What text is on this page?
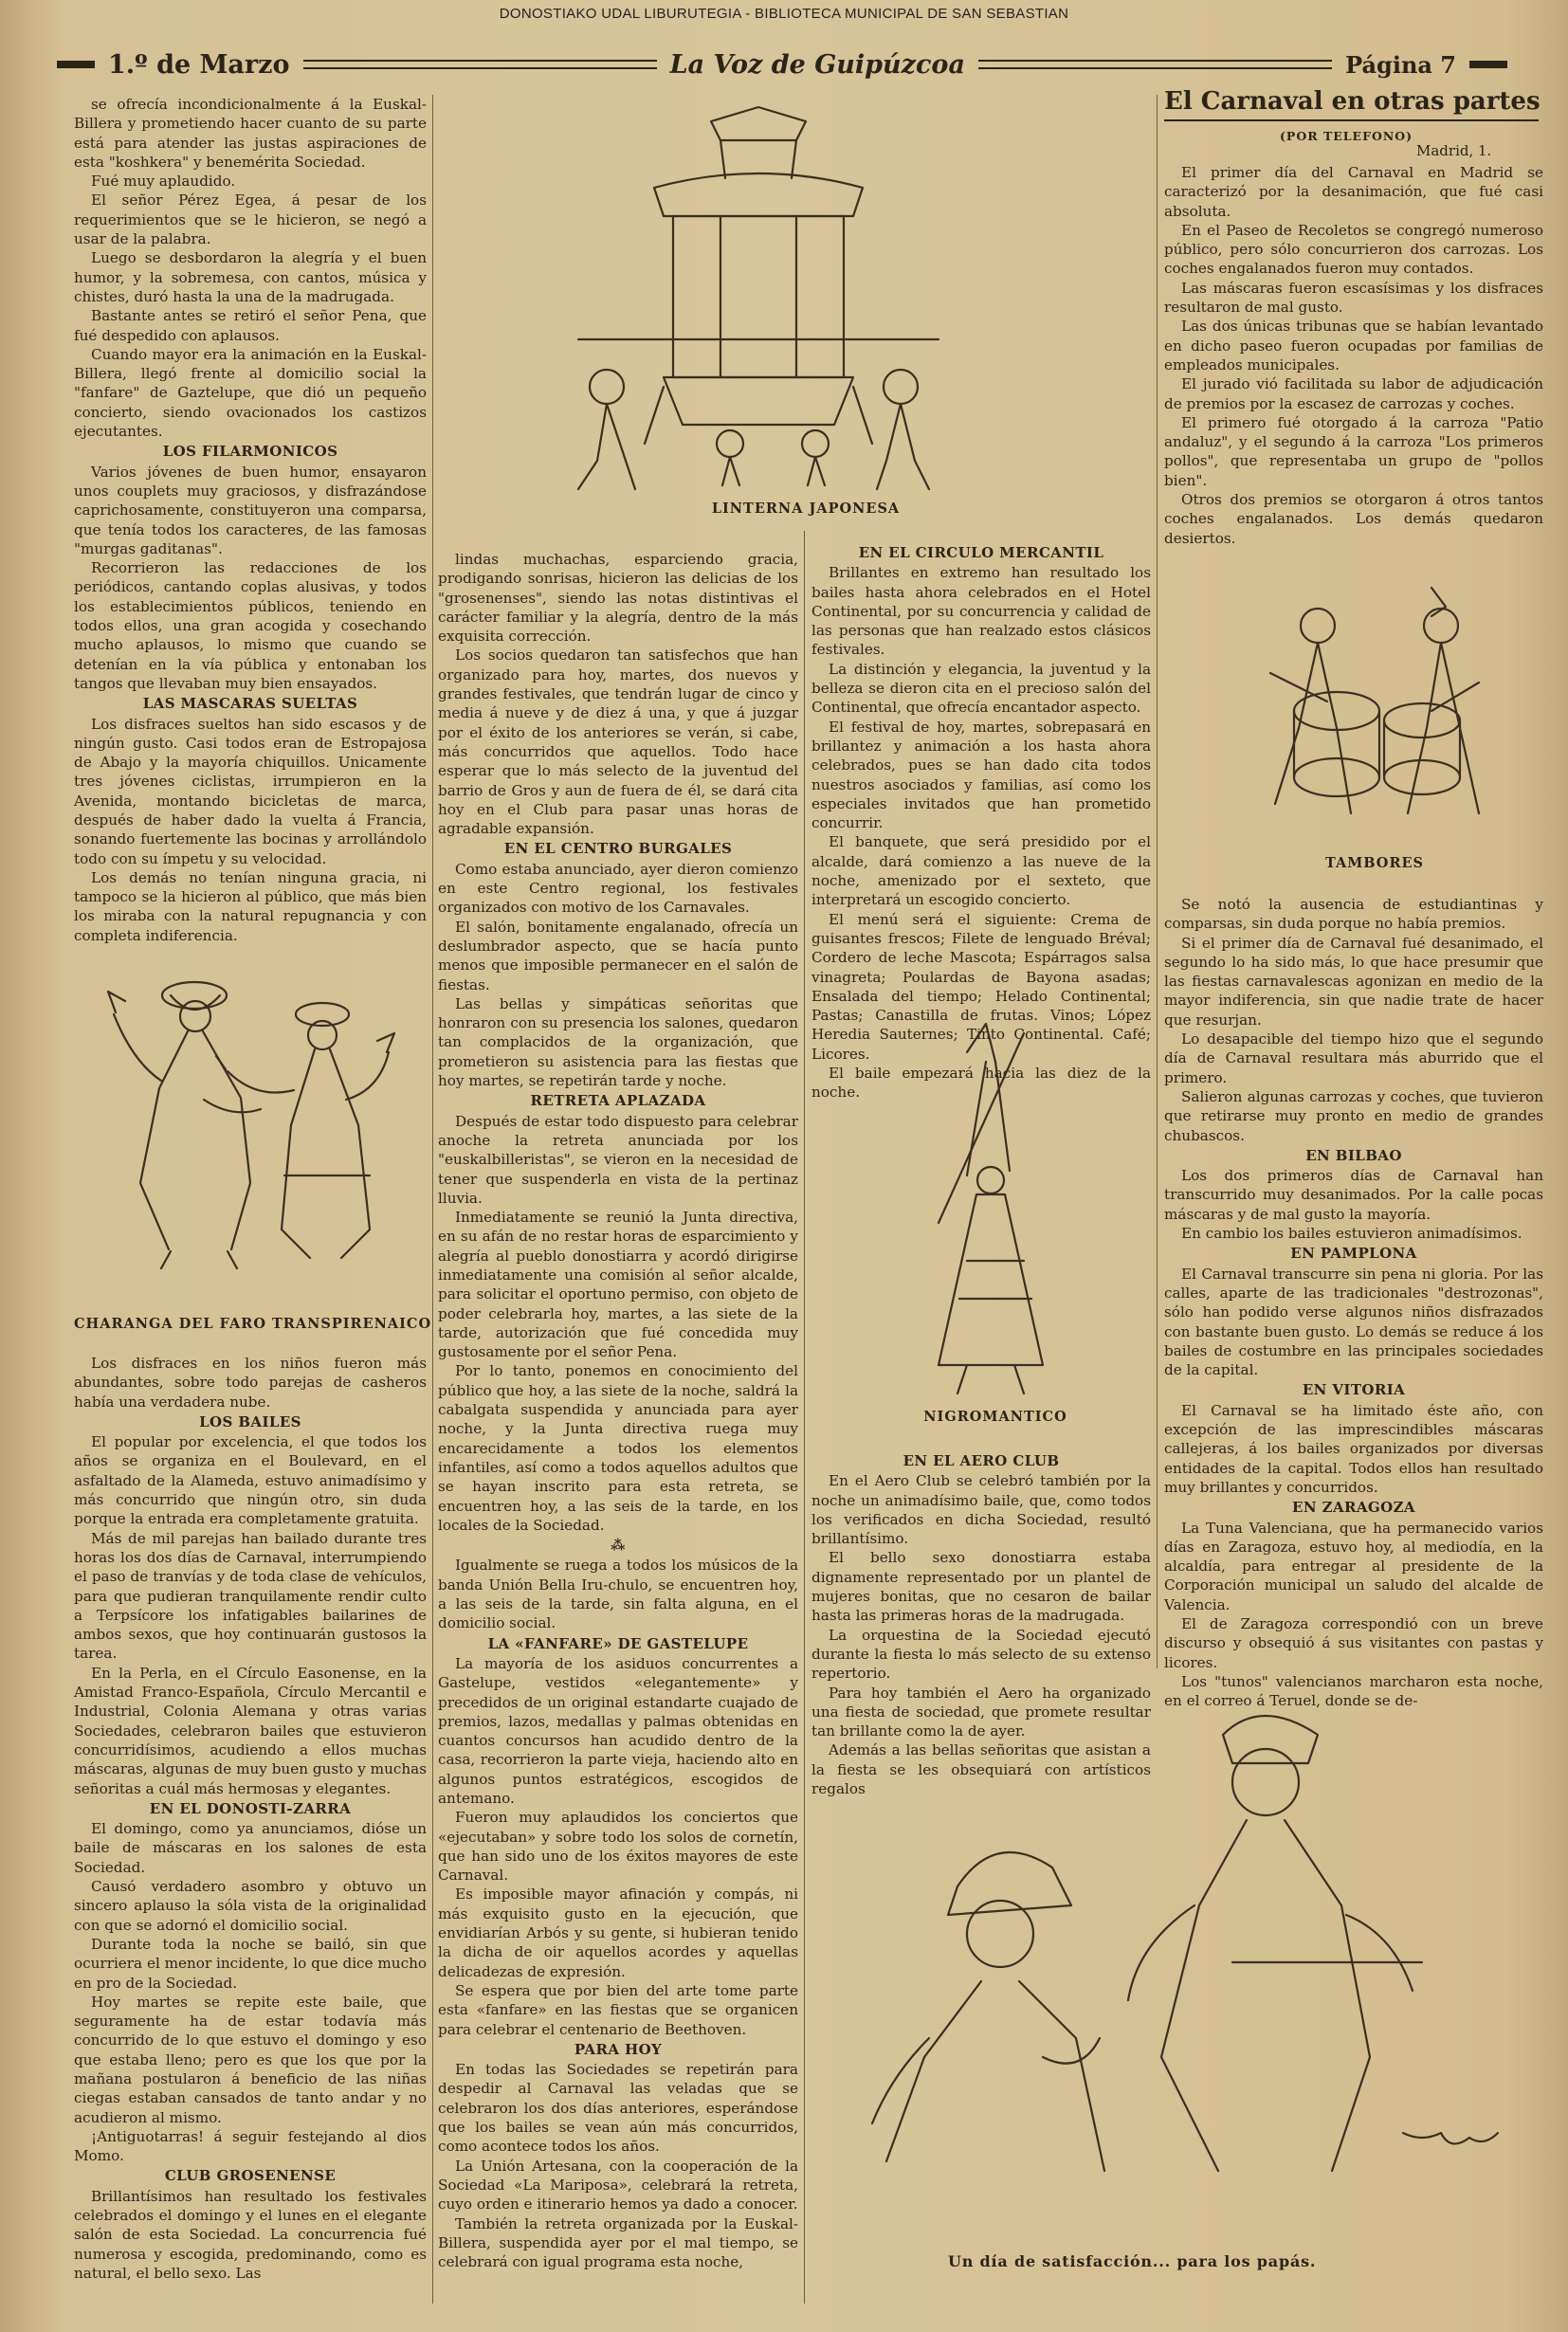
DONOSTIAKO UDAL LIBURUTEGIA - BIBLIOTECA MUNICIPAL DE SAN SEBASTIAN
1.º de Marzo	La Voz de Guipúzcoa	Página 7

se ofrecía incondicionalmente á la Euskal-Billera y prometiendo hacer cuanto de su parte está para atender las justas aspiraciones de esta "koshkera" y benemérita Sociedad.

Fué muy aplaudido.

El señor Pérez Egea, á pesar de los requerimientos que se le hicieron, se negó a usar de la palabra.

Luego se desbordaron la alegría y el buen humor, y la sobremesa, con cantos, música y chistes, duró hasta la una de la madrugada.

Bastante antes se retiró el señor Pena, que fué despedido con aplausos.

Cuando mayor era la animación en la Euskal-Billera, llegó frente al domicilio social la "fanfare" de Gaztelupe, que dió un pequeño concierto, siendo ovacionados los castizos ejecutantes.

LOS FILARMONICOS

Varios jóvenes de buen humor, ensayaron unos couplets muy graciosos, y disfrazándose caprichosamente, constituyeron una comparsa, que tenía todos los caracteres, de las famosas "murgas gaditanas".

Recorrieron las redacciones de los periódicos, cantando coplas alusivas, y todos los establecimientos públicos, teniendo en todos ellos, una gran acogida y cosechando mucho aplausos, lo mismo que cuando se detenían en la vía pública y entonaban los tangos que llevaban muy bien ensayados.

LAS MASCARAS SUELTAS

Los disfraces sueltos han sido escasos y de ningún gusto. Casi todos eran de Estropajosa de Abajo y la mayoría chiquillos. Unicamente tres jóvenes ciclistas, irrumpieron en la Avenida, montando bicicletas de marca, después de haber dado la vuelta á Francia, sonando fuertemente las bocinas y arrollándolo todo con su ímpetu y su velocidad.

Los demás no tenían ninguna gracia, ni tampoco se la hicieron al público, que más bien los miraba con la natural repugnancia y con completa indiferencia.

CHARANGA DEL FARO TRANSPIRENAICO

Los disfraces en los niños fueron más abundantes, sobre todo parejas de casheros había una verdadera nube.

LOS BAILES

El popular por excelencia, el que todos los años se organiza en el Boulevard, en el asfaltado de la Alameda, estuvo animadísimo y más concurrido que ningún otro, sin duda porque la entrada era completamente gratuita.

Más de mil parejas han bailado durante tres horas los dos días de Carnaval, interrumpiendo el paso de tranvías y de toda clase de vehículos, para que pudieran tranquilamente rendir culto a Terpsícore los infatigables bailarines de ambos sexos, que hoy continuarán gustosos la tarea.

En la Perla, en el Círculo Easonense, en la Amistad Franco-Española, Círculo Mercantil e Industrial, Colonia Alemana y otras varias Sociedades, celebraron bailes que estuvieron concurridísimos, acudiendo a ellos muchas máscaras, algunas de muy buen gusto y muchas señoritas a cuál más hermosas y elegantes.

EN EL DONOSTI-ZARRA

El domingo, como ya anunciamos, dióse un baile de máscaras en los salones de esta Sociedad.

Causó verdadero asombro y obtuvo un sincero aplauso la sóla vista de la originalidad con que se adornó el domicilio social.

Durante toda la noche se bailó, sin que ocurriera el menor incidente, lo que dice mucho en pro de la Sociedad.

Hoy martes se repite este baile, que seguramente ha de estar todavía más concurrido de lo que estuvo el domingo y eso que estaba lleno; pero es que los que por la mañana postularon á beneficio de las niñas ciegas estaban cansados de tanto andar y no acudieron al mismo.

¡Antiguotarras! á seguir festejando al dios Momo.

CLUB GROSENENSE

Brillantísimos han resultado los festivales celebrados el domingo y el lunes en el elegante salón de esta Sociedad. La concurrencia fué numerosa y escogida, predominando, como es natural, el bello sexo. Las

LINTERNA JAPONESA

lindas muchachas, esparciendo gracia, prodigando sonrisas, hicieron las delicias de los "grosenenses", siendo las notas distintivas el carácter familiar y la alegría, dentro de la más exquisita corrección.

Los socios quedaron tan satisfechos que han organizado para hoy, martes, dos nuevos y grandes festivales, que tendrán lugar de cinco y media á nueve y de diez á una, y que á juzgar por el éxito de los anteriores se verán, si cabe, más concurridos que aquellos. Todo hace esperar que lo más selecto de la juventud del barrio de Gros y aun de fuera de él, se dará cita hoy en el Club para pasar unas horas de agradable expansión.

EN EL CENTRO BURGALES

Como estaba anunciado, ayer dieron comienzo en este Centro regional, los festivales organizados con motivo de los Carnavales.

El salón, bonitamente engalanado, ofrecía un deslumbrador aspecto, que se hacía punto menos que imposible permanecer en el salón de fiestas.

Las bellas y simpáticas señoritas que honraron con su presencia los salones, quedaron tan complacidos de la organización, que prometieron su asistencia para las fiestas que hoy martes, se repetirán tarde y noche.

RETRETA APLAZADA

Después de estar todo dispuesto para celebrar anoche la retreta anunciada por los "euskalbilleristas", se vieron en la necesidad de tener que suspenderla en vista de la pertinaz lluvia.

Inmediatamente se reunió la Junta directiva, en su afán de no restar horas de esparcimiento y alegría al pueblo donostiarra y acordó dirigirse inmediatamente una comisión al señor alcalde, para solicitar el oportuno permiso, con objeto de poder celebrarla hoy, martes, a las siete de la tarde, autorización que fué concedida muy gustosamente por el señor Pena.

Por lo tanto, ponemos en conocimiento del público que hoy, a las siete de la noche, saldrá la cabalgata suspendida y anunciada para ayer noche, y la Junta directiva ruega muy encarecidamente a todos los elementos infantiles, así como a todos aquellos adultos que se hayan inscrito para esta retreta, se encuentren hoy, a las seis de la tarde, en los locales de la Sociedad.

⁂

Igualmente se ruega a todos los músicos de la banda Unión Bella Iru-chulo, se encuentren hoy, a las seis de la tarde, sin falta alguna, en el domicilio social.

LA «FANFARE» DE GASTELUPE

La mayoría de los asiduos concurrentes a Gastelupe, vestidos «elegantemente» y precedidos de un original estandarte cuajado de premios, lazos, medallas y palmas obtenidas en cuantos concursos han acudido dentro de la casa, recorrieron la parte vieja, haciendo alto en algunos puntos estratégicos, escogidos de antemano.

Fueron muy aplaudidos los conciertos que «ejecutaban» y sobre todo los solos de cornetín, que han sido uno de los éxitos mayores de este Carnaval.

Es imposible mayor afinación y compás, ni más exquisito gusto en la ejecución, que envidiarían Arbós y su gente, si hubieran tenido la dicha de oir aquellos acordes y aquellas delicadezas de expresión.

Se espera que por bien del arte tome parte esta «fanfare» en las fiestas que se organicen para celebrar el centenario de Beethoven.

PARA HOY

En todas las Sociedades se repetirán para despedir al Carnaval las veladas que se celebraron los dos días anteriores, esperándose que los bailes se vean aún más concurridos, como acontece todos los años.

La Unión Artesana, con la cooperación de la Sociedad «La Mariposa», celebrará la retreta, cuyo orden e itinerario hemos ya dado a conocer.

También la retreta organizada por la Euskal-Billera, suspendida ayer por el mal tiempo, se celebrará con igual programa esta noche,

EN EL CIRCULO MERCANTIL

Brillantes en extremo han resultado los bailes hasta ahora celebrados en el Hotel Continental, por su concurrencia y calidad de las personas que han realzado estos clásicos festivales.

La distinción y elegancia, la juventud y la belleza se dieron cita en el precioso salón del Continental, que ofrecía encantador aspecto.

El festival de hoy, martes, sobrepasará en brillantez y animación a los hasta ahora celebrados, pues se han dado cita todos nuestros asociados y familias, así como los especiales invitados que han prometido concurrir.

El banquete, que será presidido por el alcalde, dará comienzo a las nueve de la noche, amenizado por el sexteto, que interpretará un escogido concierto.

El menú será el siguiente: Crema de guisantes frescos; Filete de lenguado Bréval; Cordero de leche Mascota; Espárragos salsa vinagreta; Poulardas de Bayona asadas; Ensalada del tiempo; Helado Continental; Pastas; Canastilla de frutas. Vinos; López Heredia Sauternes; Tinto Continental. Café; Licores.

El baile empezará hacia las diez de la noche.

NIGROMANTICO
EN EL AERO CLUB

En el Aero Club se celebró también por la noche un animadísimo baile, que, como todos los verificados en dicha Sociedad, resultó brillantísimo.

El bello sexo donostiarra estaba dignamente representado por un plantel de mujeres bonitas, que no cesaron de bailar hasta las primeras horas de la madrugada.

La orquestina de la Sociedad ejecutó durante la fiesta lo más selecto de su extenso repertorio.

Para hoy también el Aero ha organizado una fiesta de sociedad, que promete resultar tan brillante como la de ayer.

Además a las bellas señoritas que asistan a la fiesta se les obsequiará con artísticos regalos

El Carnaval en otras partes
(POR TELEFONO)
Madrid, 1.

El primer día del Carnaval en Madrid se caracterizó por la desanimación, que fué casi absoluta.

En el Paseo de Recoletos se congregó numeroso público, pero sólo concurrieron dos carrozas. Los coches engalanados fueron muy contados.

Las máscaras fueron escasísimas y los disfraces resultaron de mal gusto.

Las dos únicas tribunas que se habían levantado en dicho paseo fueron ocupadas por familias de empleados municipales.

El jurado vió facilitada su labor de adjudicación de premios por la escasez de carrozas y coches.

El primero fué otorgado á la carroza "Patio andaluz", y el segundo á la carroza "Los primeros pollos", que representaba un grupo de "pollos bien".

Otros dos premios se otorgaron á otros tantos coches engalanados. Los demás quedaron desiertos.

TAMBORES

Se notó la ausencia de estudiantinas y comparsas, sin duda porque no había premios.

Si el primer día de Carnaval fué desanimado, el segundo lo ha sido más, lo que hace presumir que las fiestas carnavalescas agonizan en medio de la mayor indiferencia, sin que nadie trate de hacer que resurjan.

Lo desapacible del tiempo hizo que el segundo día de Carnaval resultara más aburrido que el primero.

Salieron algunas carrozas y coches, que tuvieron que retirarse muy pronto en medio de grandes chubascos.

EN BILBAO

Los dos primeros días de Carnaval han transcurrido muy desanimados. Por la calle pocas máscaras y de mal gusto la mayoría.

En cambio los bailes estuvieron animadísimos.

EN PAMPLONA

El Carnaval transcurre sin pena ni gloria. Por las calles, aparte de las tradicionales "destrozonas", sólo han podido verse algunos niños disfrazados con bastante buen gusto. Lo demás se reduce á los bailes de costumbre en las principales sociedades de la capital.

EN VITORIA

El Carnaval se ha limitado éste año, con excepción de las imprescindibles máscaras callejeras, á los bailes organizados por diversas entidades de la capital. Todos ellos han resultado muy brillantes y concurridos.

EN ZARAGOZA

La Tuna Valenciana, que ha permanecido varios días en Zaragoza, estuvo hoy, al mediodía, en la alcaldía, para entregar al presidente de la Corporación municipal un saludo del alcalde de Valencia.

El de Zaragoza correspondió con un breve discurso y obsequió á sus visitantes con pastas y licores.

Los "tunos" valencianos marcharon esta noche, en el correo á Teruel, donde se de-

Un día de satisfacción... para los papás.
